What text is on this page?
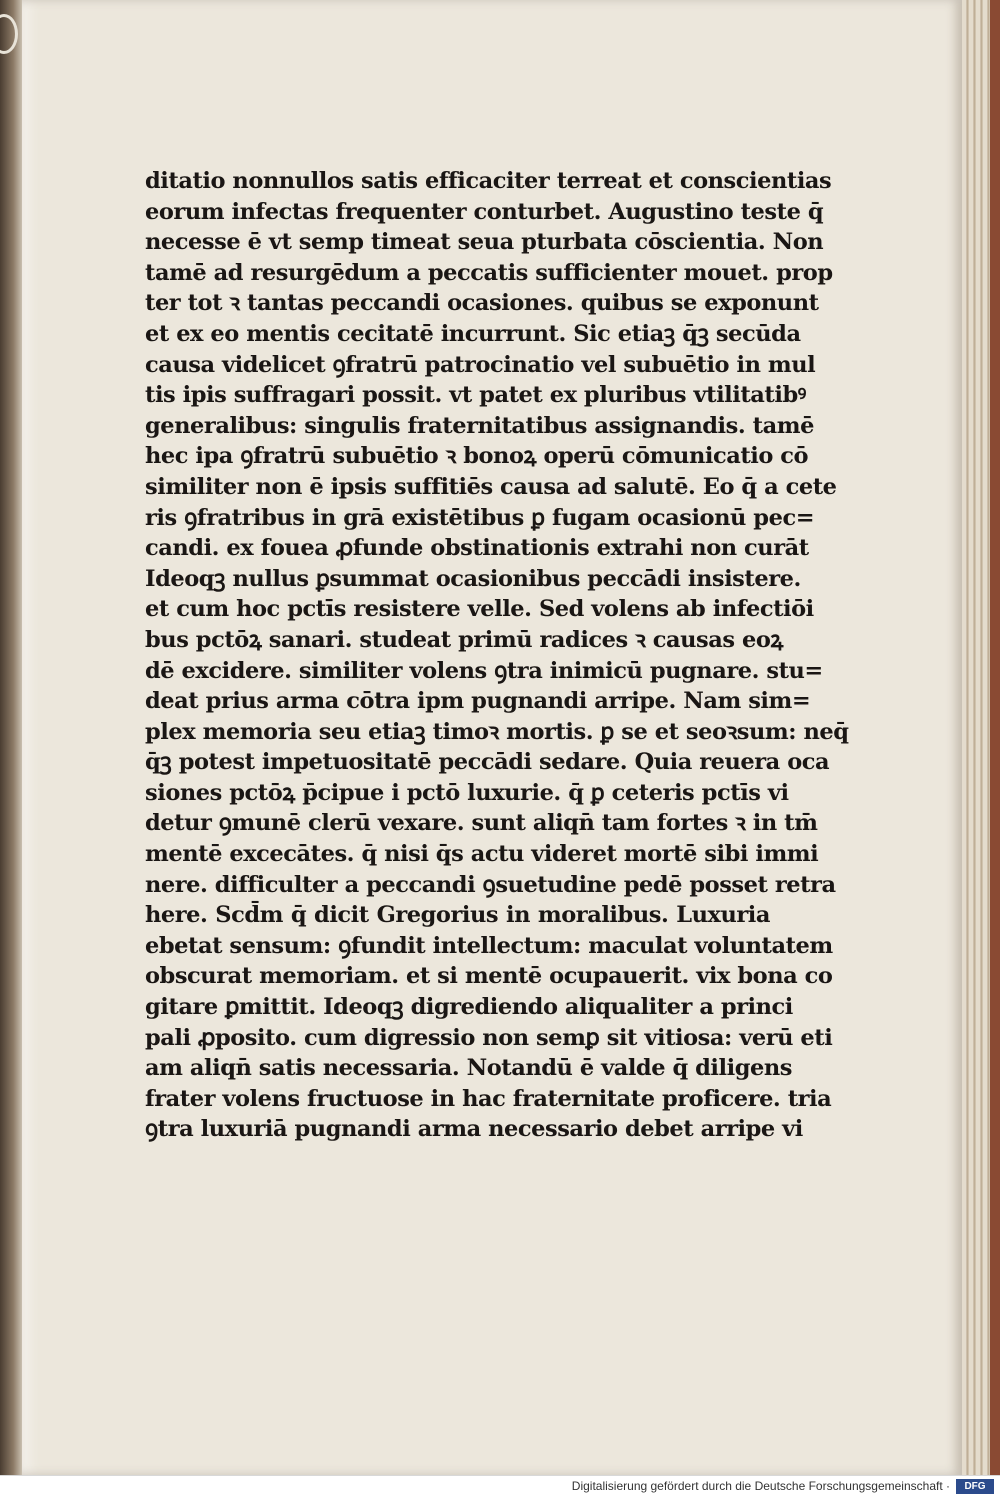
ditatio nonnullos satis efficaciter terreat et conscientias
eorum infectas frequenter conturbet. Augustino teste q̄
necesse ē vt semp timeat seua pturbata cōscientia. Non
tamē ad resurgēdum a peccatis sufficienter mouet. prop
ter tot ꝛ tantas peccandi ocasiones. quibus se exponunt
et ex eo mentis cecitatē incurrunt. Sic etiaꝫ q̄ꝫ secūda
causa videlicet ꝯfratrū patrocinatio vel subuētio in mul
tis ipis suffragari possit. vt patet ex pluribus vtilitatibꝰ
generalibus: singulis fraternitatibus assignandis. tamē
hec ipa ꝯfratrū subuētio ꝛ bonoꝝ operū cōmunicatio cō
similiter non ē ipsis suffitiēs causa ad salutē. Eo q̄ a cete
ris ꝯfratribus in grā existētibus ꝑ fugam ocasionū pec=
candi. ex fouea ꝓfunde obstinationis extrahi non curāt
Ideoqꝫ nullus ꝑsummat ocasionibus peccādi insistere.
et cum hoc pctīs resistere velle. Sed volens ab infectiōi
bus pctōꝝ sanari. studeat primū radices ꝛ causas eoꝝ
dē excidere. similiter volens ꝯtra inimicū pugnare. stu=
deat prius arma cōtra ipm pugnandi arripe. Nam sim=
plex memoria seu etiaꝫ timoꝛ mortis. ꝑ se et seoꝛsum: neq̄
q̄ꝫ potest impetuositatē peccādi sedare. Quia reuera oca
siones pctōꝝ p̄cipue i pctō luxurie. q̄ ꝑ ceteris pctīs vi
detur ꝯmunē clerū vexare. sunt aliqn̄ tam fortes ꝛ in tm̄
mentē excecātes. q̄ nisi q̄s actu videret mortē sibi immi
nere. difficulter a peccandi ꝯsuetudine pedē posset retra
here. Scd̄m q̄ dicit Gregorius in moralibus. Luxuria
ebetat sensum: ꝯfundit intellectum: maculat voluntatem
obscurat memoriam. et si mentē ocupauerit. vix bona co
gitare ꝑmittit. Ideoqꝫ digrediendo aliqualiter a princi
pali ꝓposito. cum digressio non semꝑ sit vitiosa: verū eti
am aliqn̄ satis necessaria. Notandū ē valde q̄ diligens
frater volens fructuose in hac fraternitate proficere. tria
ꝯtra luxuriā pugnandi arma necessario debet arripe vi
Digitalisierung gefördert durch die Deutsche Forschungsgemeinschaft ·	DFG
